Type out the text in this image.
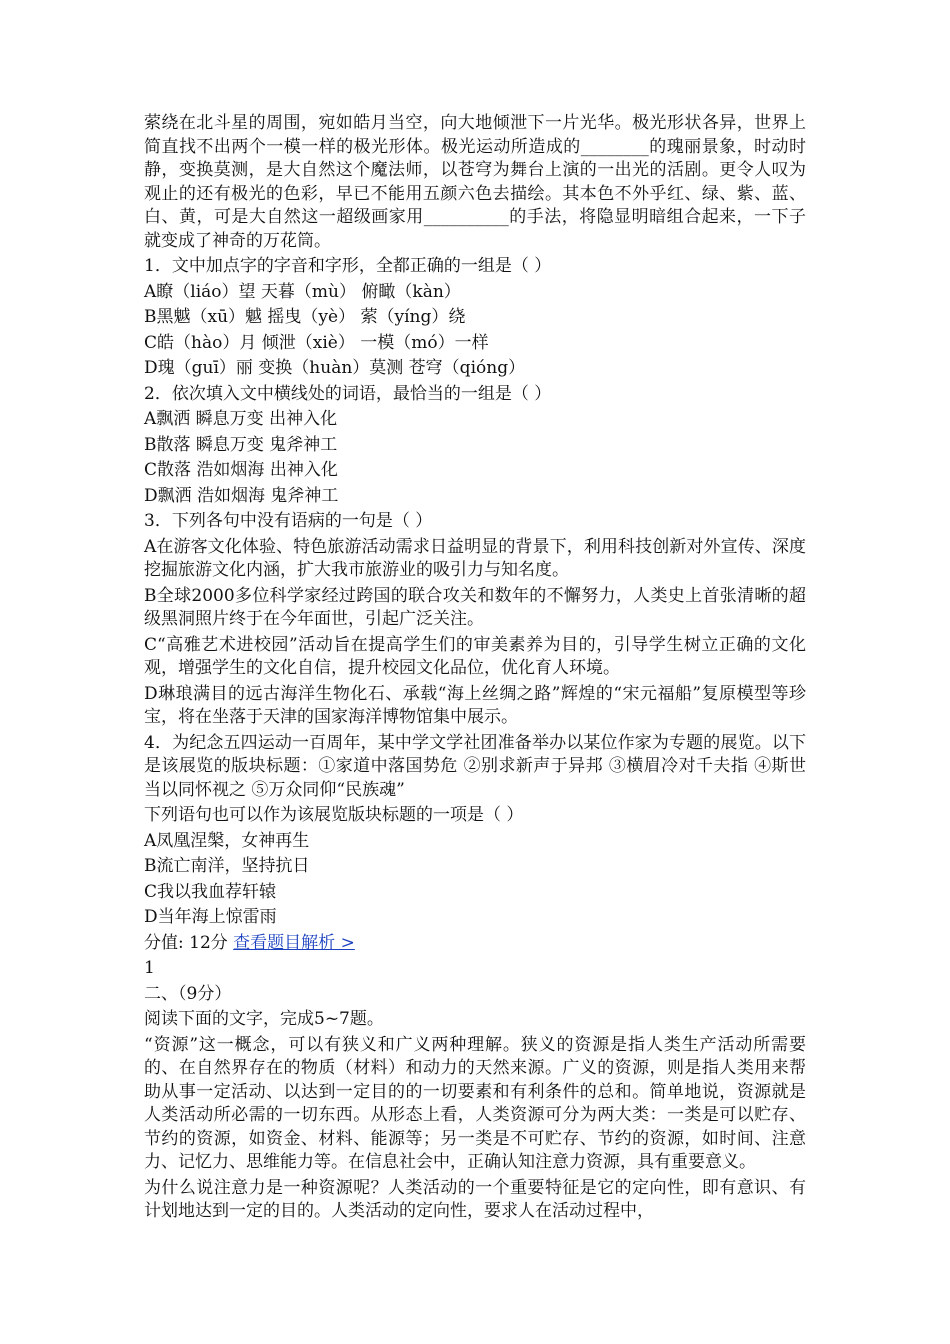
萦绕在北斗星的周围，宛如皓月当空，向大地倾泄下一片光华。极光形状各异，世界上简直找不出两个一模一样的极光形体。极光运动所造成的________的瑰丽景象，时动时静，变换莫测，是大自然这个魔法师，以苍穹为舞台上演的一出光的活剧。更令人叹为观止的还有极光的色彩，早已不能用五颜六色去描绘。其本色不外乎红、绿、紫、蓝、白、黄，可是大自然这一超级画家用__________的手法，将隐显明暗组合起来，一下子就变成了神奇的万花筒。

1．文中加点字的字音和字形，全都正确的一组是（ ）

A瞭（liáo）望 天暮（mù） 俯瞰（kàn）

B黑魆（xū）魆 摇曳（yè） 萦（yíng）绕

C皓（hào）月 倾泄（xiè） 一模（mó）一样

D瑰（guī）丽 变换（huàn）莫测 苍穹（qióng）

2．依次填入文中横线处的词语，最恰当的一组是（ ）

A飘洒 瞬息万变 出神入化

B散落 瞬息万变 鬼斧神工

C散落 浩如烟海 出神入化

D飘洒 浩如烟海 鬼斧神工

3．下列各句中没有语病的一句是（ ）

A在游客文化体验、特色旅游活动需求日益明显的背景下，利用科技创新对外宣传、深度挖掘旅游文化内涵，扩大我市旅游业的吸引力与知名度。

B全球2000多位科学家经过跨国的联合攻关和数年的不懈努力，人类史上首张清晰的超级黑洞照片终于在今年面世，引起广泛关注。

C“高雅艺术进校园”活动旨在提高学生们的审美素养为目的，引导学生树立正确的文化观，增强学生的文化自信，提升校园文化品位，优化育人环境。

D琳琅满目的远古海洋生物化石、承载“海上丝绸之路”辉煌的“宋元福船”复原模型等珍宝，将在坐落于天津的国家海洋博物馆集中展示。

4．为纪念五四运动一百周年，某中学文学社团准备举办以某位作家为专题的展览。以下是该展览的版块标题：①家道中落国势危 ②别求新声于异邦 ③横眉冷对千夫指 ④斯世当以同怀视之 ⑤万众同仰“民族魂”

下列语句也可以作为该展览版块标题的一项是（ ）

A凤凰涅槃，女神再生

B流亡南洋，坚持抗日

C我以我血荐轩辕

D当年海上惊雷雨

分值: 12分 查看题目解析 >

1

二、（9分）

阅读下面的文字，完成5~7题。

“资源”这一概念，可以有狭义和广义两种理解。狭义的资源是指人类生产活动所需要的、在自然界存在的物质（材料）和动力的天然来源。广义的资源，则是指人类用来帮助从事一定活动、以达到一定目的的一切要素和有利条件的总和。简单地说，资源就是人类活动所必需的一切东西。从形态上看，人类资源可分为两大类：一类是可以贮存、节约的资源，如资金、材料、能源等；另一类是不可贮存、节约的资源，如时间、注意力、记忆力、思维能力等。在信息社会中，正确认知注意力资源，具有重要意义。

为什么说注意力是一种资源呢？人类活动的一个重要特征是它的定向性，即有意识、有计划地达到一定的目的。人类活动的定向性，要求人在活动过程中，
